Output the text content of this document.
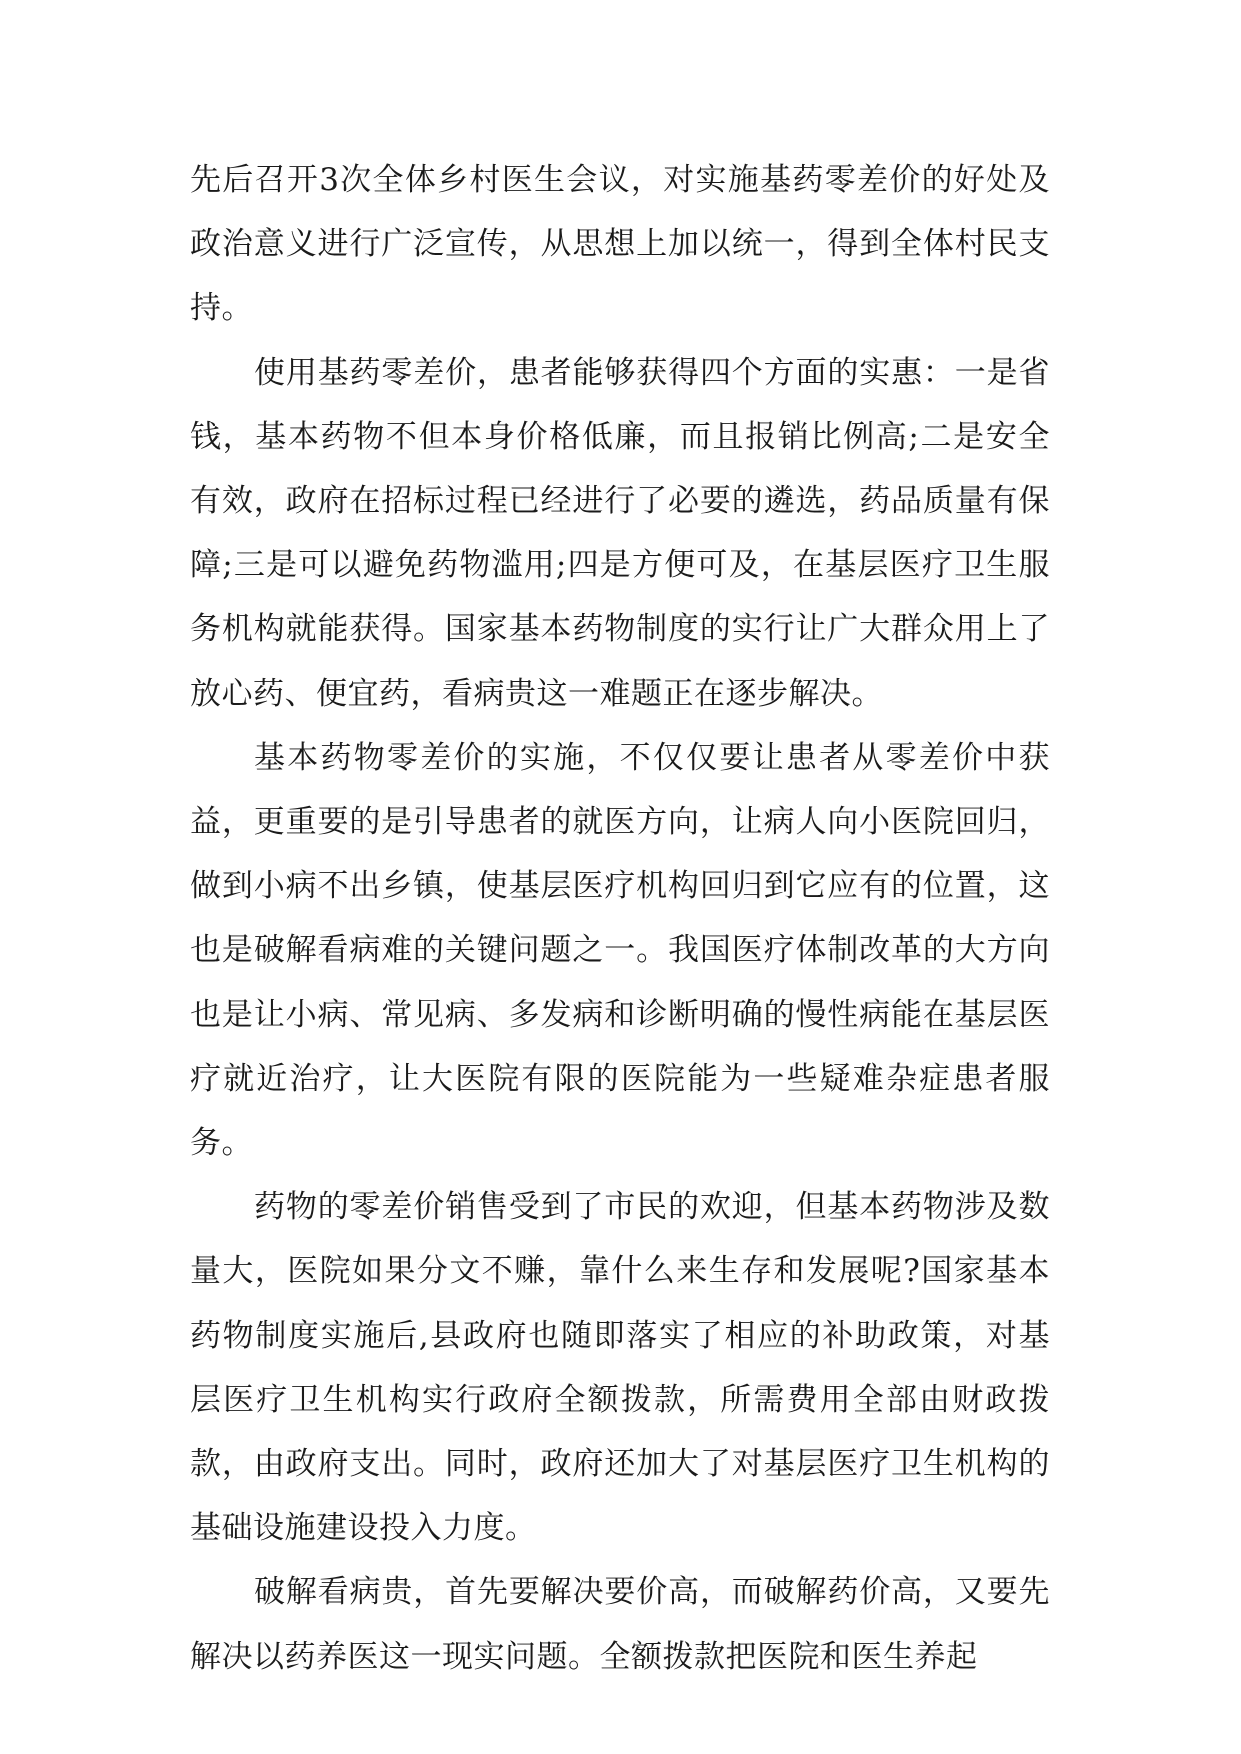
先后召开3次全体乡村医生会议，对实施基药零差价的好处及政治意义进行广泛宣传，从思想上加以统一，得到全体村民支持。

使用基药零差价，患者能够获得四个方面的实惠：一是省钱，基本药物不但本身价格低廉，而且报销比例高;二是安全有效，政府在招标过程已经进行了必要的遴选，药品质量有保障;三是可以避免药物滥用;四是方便可及，在基层医疗卫生服务机构就能获得。国家基本药物制度的实行让广大群众用上了放心药、便宜药，看病贵这一难题正在逐步解决。

基本药物零差价的实施，不仅仅要让患者从零差价中获益，更重要的是引导患者的就医方向，让病人向小医院回归，做到小病不出乡镇，使基层医疗机构回归到它应有的位置，这也是破解看病难的关键问题之一。我国医疗体制改革的大方向也是让小病、常见病、多发病和诊断明确的慢性病能在基层医疗就近治疗，让大医院有限的医院能为一些疑难杂症患者服务。

药物的零差价销售受到了市民的欢迎，但基本药物涉及数量大，医院如果分文不赚，靠什么来生存和发展呢?国家基本药物制度实施后,县政府也随即落实了相应的补助政策，对基层医疗卫生机构实行政府全额拨款，所需费用全部由财政拨款，由政府支出。同时，政府还加大了对基层医疗卫生机构的基础设施建设投入力度。

破解看病贵，首先要解决要价高，而破解药价高，又要先解决以药养医这一现实问题。全额拨款把医院和医生养起
